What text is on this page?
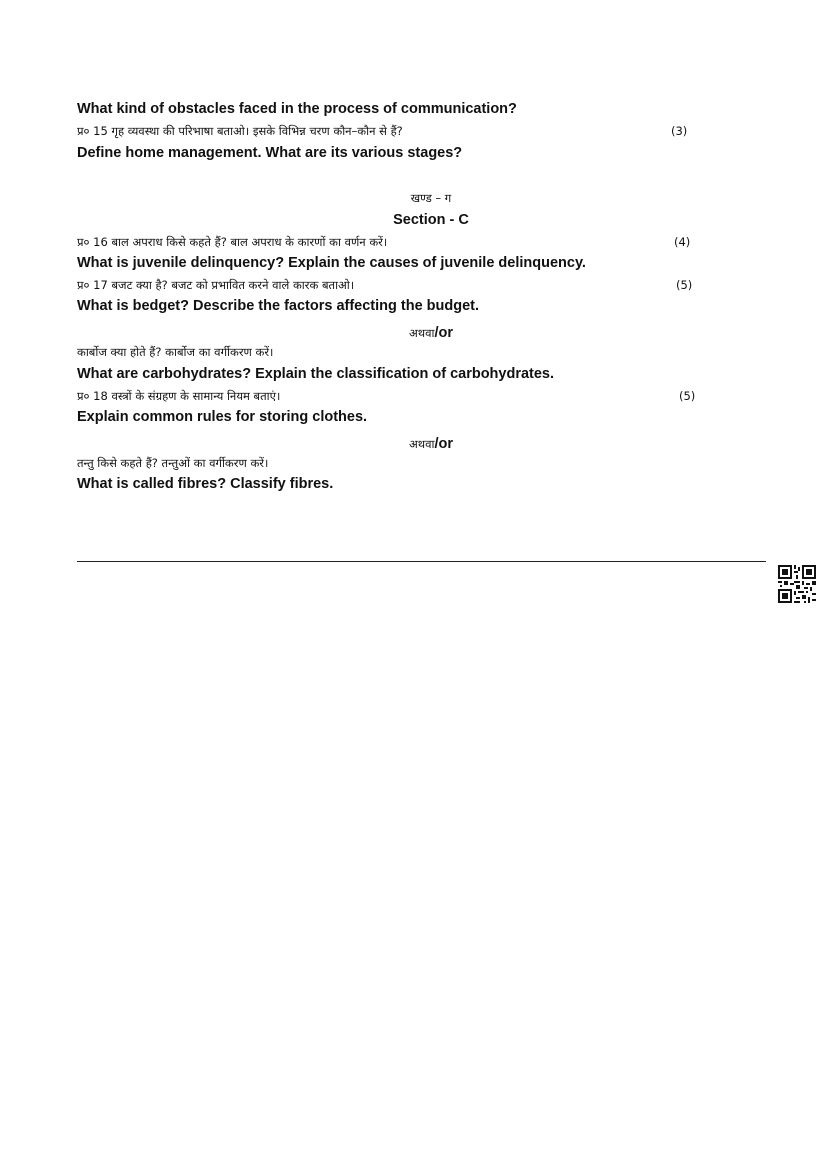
What kind of obstacles faced in the process of communication?
प्र० 15 गृह व्यवस्था की परिभाषा बताओ। इसके विभिन्न चरण कौन–कौन से हैं?	(3)
Define home management. What are its various stages?
खण्ड – ग
Section - C
प्र० 16 बाल अपराध किसे कहते हैं? बाल अपराध के कारणों का वर्णन करें।	(4)
What is juvenile delinquency? Explain the causes of juvenile delinquency.
प्र० 17 बजट क्या है? बजट को प्रभावित करने वाले कारक बताओ।	(5)
What is bedget? Describe the factors affecting the budget.
अथवा/or
कार्बोज क्या होते हैं? कार्बोज का वर्गीकरण करें।
What are carbohydrates? Explain the classification of carbohydrates.
प्र० 18 वस्त्रों के संग्रहण के सामान्य नियम बताएं।	(5)
Explain common rules for storing clothes.
अथवा/or
तन्तु किसे कहते हैं? तन्तुओं का वर्गीकरण करें।
What is called fibres? Classify fibres.
